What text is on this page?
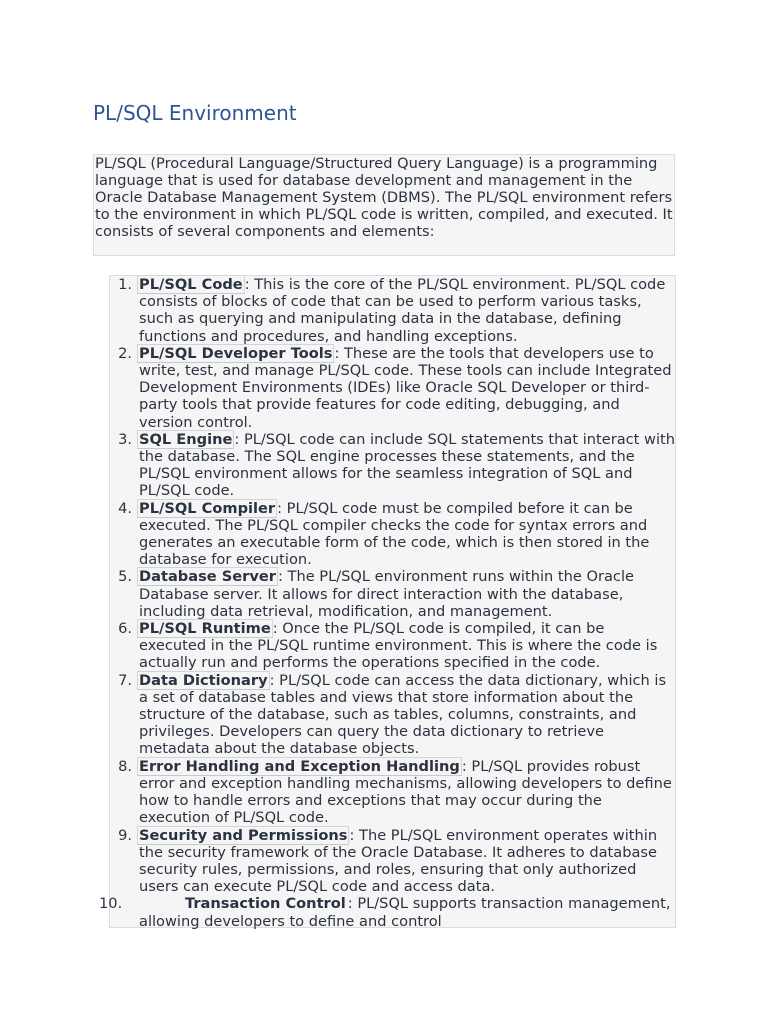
PL/SQL Environment

PL/SQL (Procedural Language/Structured Query Language) is a programming language that is used for database development and management in the Oracle Database Management System (DBMS). The PL/SQL environment refers to the environment in which PL/SQL code is written, compiled, and executed. It consists of several components and elements:

1. PL/SQL Code : This is the core of the PL/SQL environment. PL/SQL code consists of blocks of code that can be used to perform various tasks, such as querying and manipulating data in the database, defining functions and procedures, and handling exceptions.
2. PL/SQL Developer Tools : These are the tools that developers use to write, test, and manage PL/SQL code. These tools can include Integrated Development Environments (IDEs) like Oracle SQL Developer or third-party tools that provide features for code editing, debugging, and version control.
3. SQL Engine : PL/SQL code can include SQL statements that interact with the database. The SQL engine processes these statements, and the PL/SQL environment allows for the seamless integration of SQL and PL/SQL code.
4. PL/SQL Compiler : PL/SQL code must be compiled before it can be executed. The PL/SQL compiler checks the code for syntax errors and generates an executable form of the code, which is then stored in the database for execution.
5. Database Server : The PL/SQL environment runs within the Oracle Database server. It allows for direct interaction with the database, including data retrieval, modification, and management.
6. PL/SQL Runtime : Once the PL/SQL code is compiled, it can be executed in the PL/SQL runtime environment. This is where the code is actually run and performs the operations specified in the code.
7. Data Dictionary : PL/SQL code can access the data dictionary, which is a set of database tables and views that store information about the structure of the database, such as tables, columns, constraints, and privileges. Developers can query the data dictionary to retrieve metadata about the database objects.
8. Error Handling and Exception Handling : PL/SQL provides robust error and exception handling mechanisms, allowing developers to define how to handle errors and exceptions that may occur during the execution of PL/SQL code.
9. Security and Permissions : The PL/SQL environment operates within the security framework of the Oracle Database. It adheres to database security rules, permissions, and roles, ensuring that only authorized users can execute PL/SQL code and access data.
10.	Transaction Control : PL/SQL supports transaction management, allowing developers to define and control
